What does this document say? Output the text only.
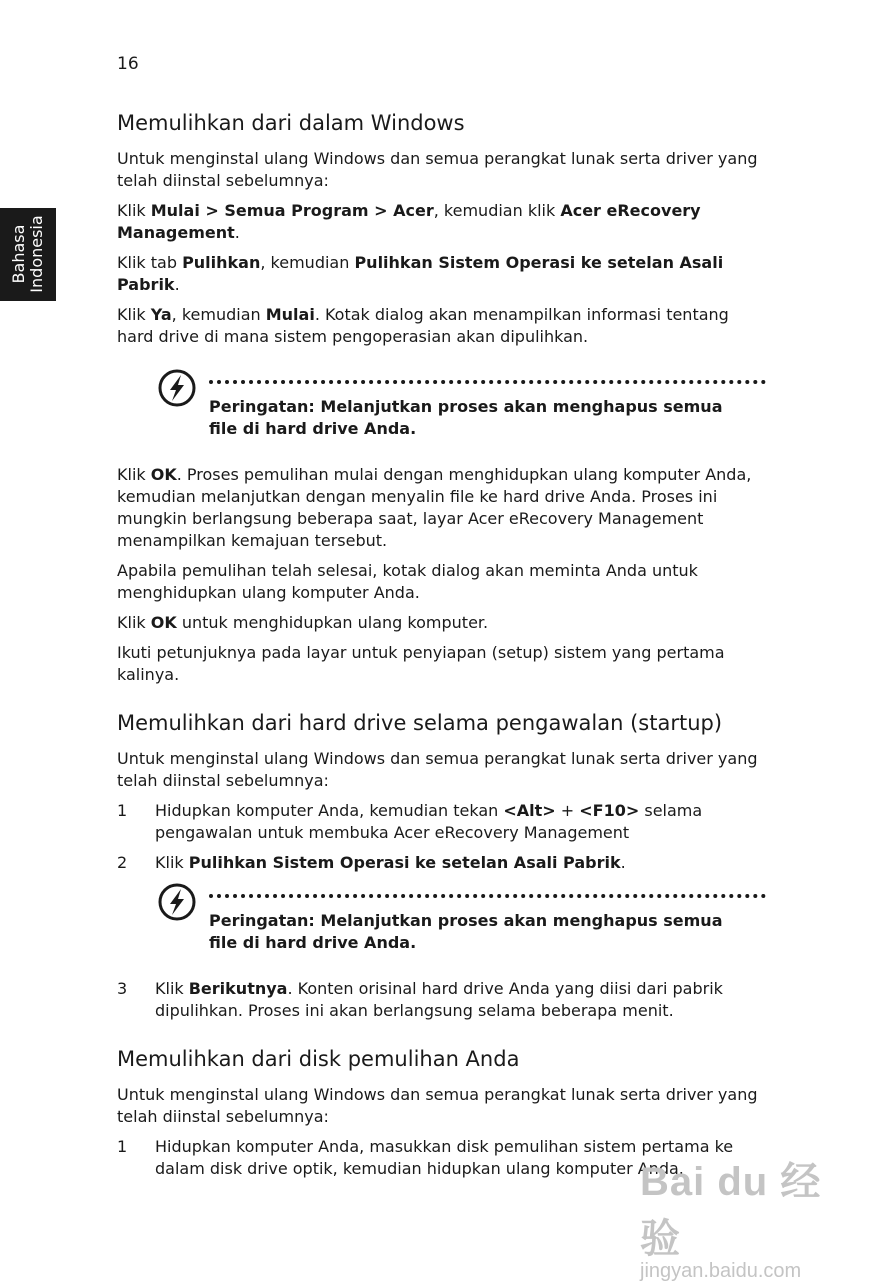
16
Bahasa Indonesia
Memulihkan dari dalam Windows

Untuk menginstal ulang Windows dan semua perangkat lunak serta driver yang telah diinstal sebelumnya:

Klik Mulai > Semua Program > Acer, kemudian klik Acer eRecovery Management.

Klik tab Pulihkan, kemudian Pulihkan Sistem Operasi ke setelan Asali Pabrik.

Klik Ya, kemudian Mulai. Kotak dialog akan menampilkan informasi tentang hard drive di mana sistem pengoperasian akan dipulihkan.

Peringatan: Melanjutkan proses akan menghapus semua file di hard drive Anda.

Klik OK. Proses pemulihan mulai dengan menghidupkan ulang komputer Anda, kemudian melanjutkan dengan menyalin file ke hard drive Anda. Proses ini mungkin berlangsung beberapa saat, layar Acer eRecovery Management menampilkan kemajuan tersebut.

Apabila pemulihan telah selesai, kotak dialog akan meminta Anda untuk menghidupkan ulang komputer Anda.

Klik OK untuk menghidupkan ulang komputer.

Ikuti petunjuknya pada layar untuk penyiapan (setup) sistem yang pertama kalinya.

Memulihkan dari hard drive selama pengawalan (startup)

Untuk menginstal ulang Windows dan semua perangkat lunak serta driver yang telah diinstal sebelumnya:

1 Hidupkan komputer Anda, kemudian tekan <Alt> + <F10> selama pengawalan untuk membuka Acer eRecovery Management
2 Klik Pulihkan Sistem Operasi ke setelan Asali Pabrik.
Peringatan: Melanjutkan proses akan menghapus semua file di hard drive Anda.
3 Klik Berikutnya. Konten orisinal hard drive Anda yang diisi dari pabrik dipulihkan. Proses ini akan berlangsung selama beberapa menit.
Memulihkan dari disk pemulihan Anda

Untuk menginstal ulang Windows dan semua perangkat lunak serta driver yang telah diinstal sebelumnya:

1 Hidupkan komputer Anda, masukkan disk pemulihan sistem pertama ke dalam disk drive optik, kemudian hidupkan ulang komputer Anda.
Bai du 经验
jingyan.baidu.com
